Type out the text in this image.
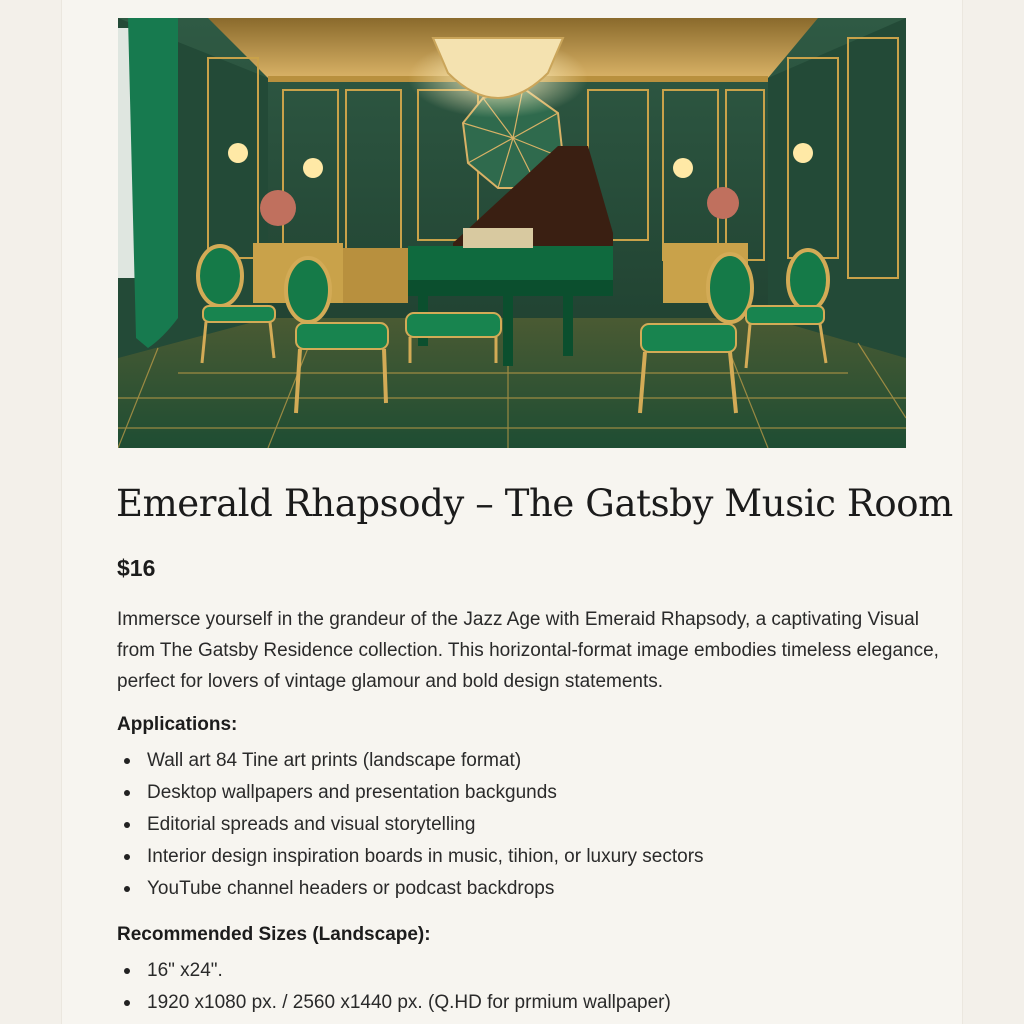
Emerald Rhapsody – The Gatsby Music Room

$16

Immersce yourself in the grandeur of the Jazz Age with Emeraid Rhapsody, a captivating Visual from The Gatsby Residence collection. This horizontal-format image embodies timeless elegance, perfect for lovers of vintage glamour and bold design statements.

Applications:
Wall art 84 Tine art prints (landscape format)
Desktop wallpapers and presentation backgunds
Editorial spreads and visual storytelling
Interior design inspiration boards in music, tihion, or luxury sectors
YouTube channel headers or podcast backdrops
Recommended Sizes (Landscape):
16" x24".
1920 x1080 px. / 2560 x1440 px. (Q.HD for prmium wallpaper)
